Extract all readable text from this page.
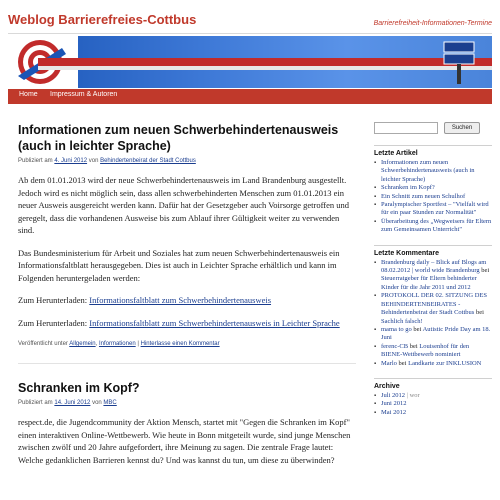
Weblog Barrierefreies-Cottbus	Barrierefreiheit-Informationen-Termine
Home Impressum & Autoren
Informationen zum neuen Schwerbehindertenausweis (auch in leichter Sprache)
Publiziert am 4. Juni 2012 von Behindertenbeirat der Stadt Cottbus

Ab dem 01.01.2013 wird der neue Schwerbehindertenausweis im Land Brandenburg ausgestellt. Jedoch wird es nicht möglich sein, dass allen schwerbehinderten Menschen zum 01.01.2013 ein neuer Ausweis ausgereicht werden kann. Dafür hat der Gesetzgeber auch Voirsorge getroffen und geregelt, dass die vorhandenen Ausweise bis zum Ablauf ihrer Gültigkeit weiter zu verwenden sind.

Das Bundesministerium für Arbeit und Soziales hat zum neuen Schwerbehindertenausweis ein Informationsfaltblatt herausgegeben. Dies ist auch in Leichter Sprache erhältlich und kann im Folgenden heruntergeladen werden:

Zum Herunterladen: Informationsfaltblatt zum Schwerbehindertenausweis

Zum Herunterladen: Informationsfaltblatt zum Schwerbehindertenausweis in Leichter Sprache

Veröffentlicht unter Allgemein, Informationen | Hinterlasse einen Kommentar
Schranken im Kopf?
Publiziert am 14. Juni 2012 von MBC

respect.de, die Jugendcommunity der Aktion Mensch, startet mit "Gegen die Schranken im Kopf" einen interaktiven Online-Wettbewerb. Wie heute in Bonn mitgeteilt wurde, sind junge Menschen zwischen zwölf und 20 Jahre aufgefordert, ihre Meinung zu sagen. Die zentrale Frage lautet: Welche gedanklichen Barrieren kennst du? Und was kannst du tun, um diese zu überwinden?

Suchen
Letzte Artikel
▪ Informationen zum neuen Schwerbehindertenausweis (auch in leichter Sprache)
▪ Schranken im Kopf?
▪ Ein Schnitt zum neuen Schulhof
▪ Paralympischer Sportfest – "Vielfalt wird für ein paar Stunden zur Normalität"
▪ Überarbeitung des „Wegweisers für Eltern zum Gemeinsamen Unterricht"
Letzte Kommentare
▪ Brandenburg daily – Blick auf Blogs am 08.02.2012 | world wide Brandenburg bei Steuerratgeber für Eltern behinderter Kinder für die Jahr 2011 und 2012
▪ PROTOKOLL DER 02. SITZUNG DES BEHINDERTENBEIRATES - Behindertenbeirat der Stadt Cottbus bei Sachlich falsch!
▪ mama to go bei Autistic Pride Day am 18. Juni
▪ ferenc-CB bei Louisenhof für den BIENE-Wettbewerb nominiert
▪ Marlo bei Landkarte zur INKLUSION
Archive
▪ Juli 2012 | wor
▪ Juni 2012
▪ Mai 2012
